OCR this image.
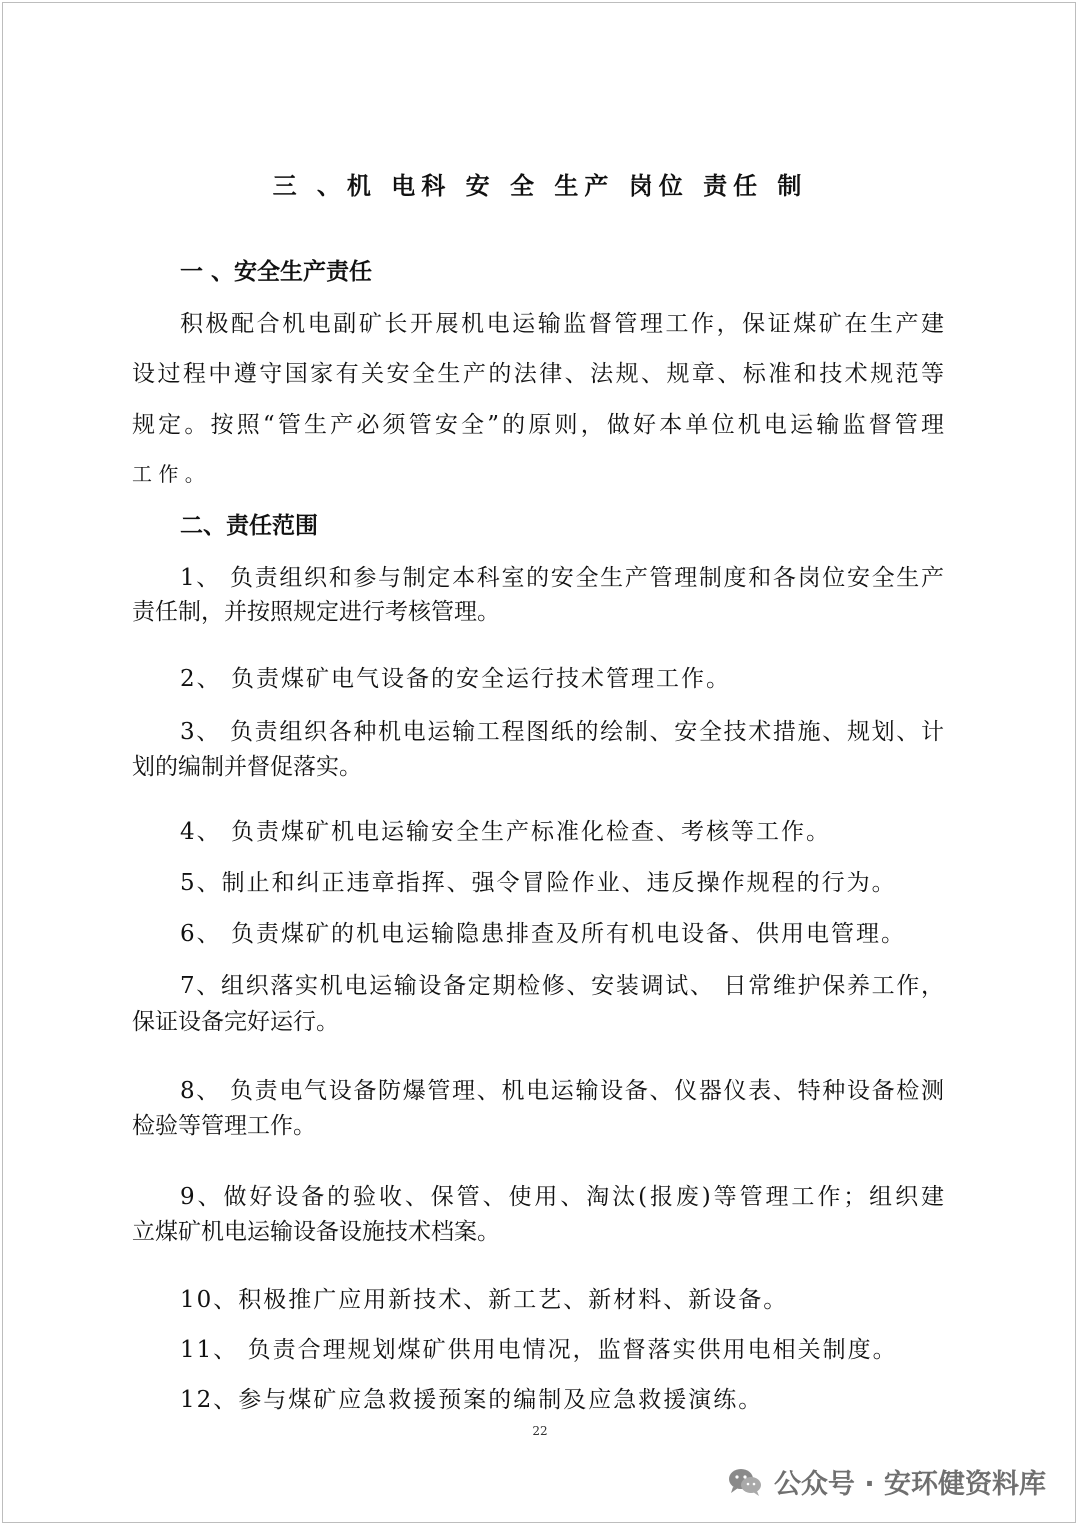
三 、机 电科 安 全 生产 岗位 责任 制
一 、安全生产责任
积极配合机电副矿长开展机电运输监督管理工作，保证煤矿在生产建
设过程中遵守国家有关安全生产的法律、法规、规章、标准和技术规范等
规定。按照“管生产必须管安全”的原则，做好本单位机电运输监督管理
工 作 。
二、责任范围
1、 负责组织和参与制定本科室的安全生产管理制度和各岗位安全生产
责任制，并按照规定进行考核管理。
2、 负责煤矿电气设备的安全运行技术管理工作。
3、 负责组织各种机电运输工程图纸的绘制、安全技术措施、规划、计
划的编制并督促落实。
4、 负责煤矿机电运输安全生产标准化检查、考核等工作。
5、制止和纠正违章指挥、强令冒险作业、违反操作规程的行为。
6、 负责煤矿的机电运输隐患排查及所有机电设备、供用电管理。
7、组织落实机电运输设备定期检修、安装调试、 日常维护保养工作，
保证设备完好运行。
8、 负责电气设备防爆管理、机电运输设备、仪器仪表、特种设备检测
检验等管理工作。
9、做好设备的验收、保管、使用、淘汰(报废)等管理工作；组织建
立煤矿机电运输设备设施技术档案。
10、积极推广应用新技术、新工艺、新材料、新设备。
11、 负责合理规划煤矿供用电情况，监督落实供用电相关制度。
12、参与煤矿应急救援预案的编制及应急救援演练。
22
公众号 · 安环健资料库
